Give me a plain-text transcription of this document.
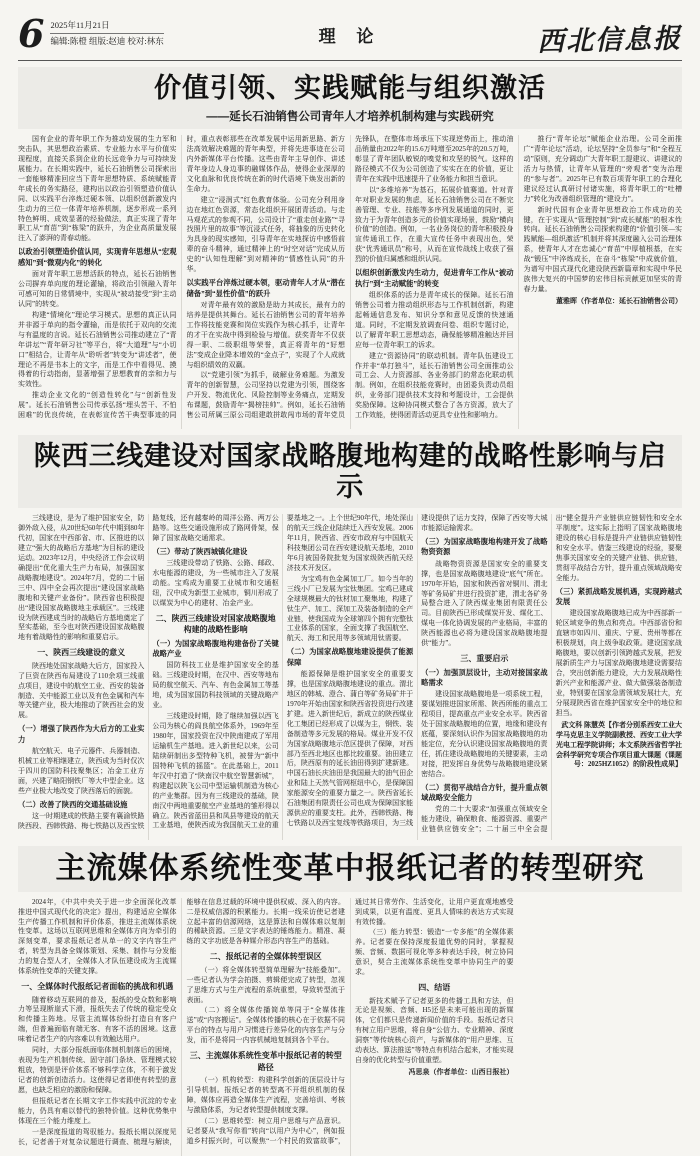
6 2025年11月21日
编辑:陈橙 组版:赵迪 校对:林东	理 论	西北信息报
价值引领、实践赋能与组织激活
——延长石油销售公司青年人才培养机制构建与实践研究

国有企业的青年职工作为推动发展的生力军和突击队，其思想政治素质、专业能力水平与价值实现程度，直接关系到企业的长远竞争力与可持续发展能力。在长期实践中，延长石油销售公司探索出一套能够精准回应当下青年思想特质、系统赋能青年成长的务实路径，建构出以政治引领塑造价值认同、以实践平台淬炼过硬本领、以组织创新激发内生动力的三位一体青年培养机制，逐步形成一系列特色鲜明、成效显著的经验做法，真正实现了青年职工从“育苗”到“栋梁”的跃升，为企业高质量发展注入了澎湃的青春动能。

以政治引领塑造价值认同，实现青年思想从“宏观感知”到“微观内化”的转化

面对青年职工思想活跃的特点，延长石油销售公司摒弃单向度的理论灌输，将政治引领融入青年可感可知的日常情境中，实现从“被动接受”到“主动认同”的转变。

构建“情境化”理论学习模式。思想的真正认同并非源于单向的指令灌输，而是依托于双向的交流与有温度的言说。延长石油销售公司推动建立了“青年讲坛”“青年研习社”等平台，将“大道理”与“小切口”相结合，让青年从“聆听者”转变为“讲述者”，使理论不再是书本上的文字，而是工作中看得见、摸得着的行动指南，显著增强了思想教育的亲和力与实效性。

推动企业文化的“创造性转化”与“创新性发展”。延长石油销售公司传承弘扬“埋头苦干、不怕困难”的优良传统，在表彰宣传苦干典型事迹的同时，重点表彰那些在改革发展中运用新思路、新方法高效解决难题的青年典型，并将先进事迹在公司内外新媒体平台传播。这些由青年主导创作、讲述青年身边人身边事的融媒体作品，使得企业深厚的文化血脉和优良传统在新的时代语境下焕发出新的生命力。

建立“浸润式”红色教育体验。公司充分利用身边在地红色资源，常态化组织开展团青活动。与走马观花式的参观不同，公司设计了“重走创业路”“寻找照片里的故事”等沉浸式任务，将抽象的历史转化为具身的现实感知，引导青年在实地探访中感悟前辈的奋斗精神，通过精神上的“时空对话”完成从历史的“认知性理解”到对精神的“情感性认同”的升华。

以实践平台淬炼过硬本领，驱动青年人才从“潜在储备”到“显性价值”的跃升

对青年最有效的激励是助力其成长，最有力的培养是提供其舞台。延长石油销售公司的青年培养工作将技能竞赛和岗位实践作为核心抓手，让青年的才干在实战中得到检验与增值。获奖青年不仅获得一职、二级职组等荣誉，真正将青年的“好想法”变成企业降本增效的“金点子”，实现了个人成就与组织绩效的双赢。

以“党建引领”为抓手，破解业务难题。为激发青年的创新智慧，公司坚持以党建为引领，围绕客户开发、物流优化、风险控制等业务痛点，定期发布课题，鼓励青年“揭榜挂帅”。例如，延长石油销售公司所属三原公司组建敢拼敢闯市场的青年党员先锋队，在整体市场承压下实现逆势而上，推动油品销量由2022年的15.6万吨增至2025年的20.5万吨，彰显了青年团队敏锐的嗅觉和攻坚的锐气。这样的路径模式不仅为公司创造了实实在在的价值，更让青年在实践中迅速提升了业务能力和担当意识。

以“多维培养”为基石，拓展价值赛道。针对青年对职业发展的焦虑，延长石油销售公司在不断完善管理、专业、技能等多序列发展通道的同时，更致力于为青年创造多元的价值实现场景，鼓励“横向价值”的创造。例如，一名业务岗位的青年积极投身宣传通讯工作，在重大宣传任务中表现出色，荣获“优秀通讯员”称号，从而在宣传战线上收获了强烈的价值归属感和组织认同。

以组织创新激发内生动力，促进青年工作从“被动执行”到“主动赋能”的转变

组织体系的活力是青年成长的保障。延长石油销售公司着力推动组织形态与工作机制创新，构建起畅通信息发布、知识分享和意见反馈的快速通道。同时，不定期发放调查问卷、组织专题讨论，以了解青年职工思想动态，确保能够精准触达并回应每一位青年职工的诉求。

建立“资源协同”的联动机制。青年队伍建设工作并非“单打独斗”，延长石油销售公司全面推动公司工会、人力资源部、各业务部门的常态化联动机制。例如，在组织技能竞赛时，由团委负责动员组织，业务部门提供技术支持和考题设计，工会提供奖励保障。这种协同模式整合了各方资源，放大了工作效能，使得团青活动更具专业性和影响力。

推行“青年论坛”赋能企业治理。公司全面推广“青年论坛”活动，论坛坚持“全员参与”和“全程互动”原则，充分调动广大青年职工提建议、讲建议的活力与热情，让青年从管理的“旁观者”变为治理的“参与者”。2025年已有数百项青年职工的合理化建议经过认真研讨付诸实施，将青年职工的“吐槽力”转化为改善组织管理的“建设力”。

新时代国有企业青年思想政治工作成功的关键，在于实现从“管理控制”到“成长赋能”的根本性转向。延长石油销售公司探索构建的“价值引领—实践赋能—组织激活”机制并将其深度融入公司治理体系，使青年人才在忠诚心“育苗”中厚植根基，在实战“锻压”中淬炼成长，在奋斗“栋梁”中成就价值，为谱写中国式现代化建设陕西新篇章和实现中华民族伟大复兴的中国梦的宏伟目标贡献更加坚实的青春力量。

董雅晖（作者单位：延长石油销售公司）
陕西三线建设对国家战略腹地构建的战略性影响与启示

三线建设，是为了维护国家安全，防御外敌入侵，从20世纪60年代中期到80年代初，国家在中西部省、市、区推进的以建立“强大的战略后方基地”为目标的建设运动。2023年12月，中央经济工作会议明确提出“优化重大生产力布局，加强国家战略腹地建设”。2024年7月，党的二十届三中、四中全会再次提出“建设国家战略腹地和关键产业备份”。陕西省也积极提出“建设国家战略腹地主承载区”。三线建设为陕西建成当时的战略后方基地奠定了坚实基础，至今也对陕西建设国家战略腹地有着战略性的影响和重要启示。

一、陕西三线建设的意义

陕西地处国家战略大后方，国家投入了巨资在陕西布局建设了110余项三线重点项目，建设中的航空工业、西安的装备制造、关中能源工业以及有色金属和汽车等关键产业，极大地推动了陕西社会的发展。

（一）增强了陕西作为大后方的工业实力

航空航天、电子元器件、兵器制造、机械工业等相继建立，陕西成为当时仅次于四川的国防科技聚集区；冶金工业方面，兴建了略阳钢铁厂等大中型企业。这些产业极大地改变了陕西落后的面貌。

（二）改善了陕西的交通基础设施

这一时期建成的铁路主要有襄渝铁路陕西段、西韩铁路、梅七铁路以及西宝铁路复线，还有越秦岭的周洋公路、两万公路等。这些交通设施形成了路网骨架，保障了国家战略交通需求。

（三）带动了陕西城镇化建设

三线建设带动了铁路、公路、邮政、水电能源的建设，为一些城市注入了发展动能。宝鸡成为重要工业城市和交通枢纽，汉中成为新型工业城市，铜川形成了以煤炭为中心的建材、冶金产业。

二、陕西三线建设对国家战略腹地构建的战略性影响
（一）为国家战略腹地构建备份了关键战略产业

国防科技工业是维护国家安全的基础。三线建设时期，在汉中、西安等地布局的航空航天、汽车、有色金属加工等基地，成为国家国防科技领域的关键战略产业。

三线建设时期，除了继续加强以西飞公司为核心的阎良航空体系外，1969年至1980年，国家投资在汉中陕南建成了军用运输机生产基地。进入新世纪以来，公司陆续研制出多型特种飞机，被誉为“新中国特种飞机的摇篮”。在此基础上，2011年汉中打造了“陕南汉中航空智慧新城”，构建起以陕飞公司中型运输机制造为核心的产业集群。因为有三线建设的基础，陕南汉中两地重要航空产业基地的雏形得以确立。陕西省蓝田县和凤县等建设的航天工业基地，使陕西成为我国航天工业的重要基地之一。上个世纪90年代，地处深山的航天三线企业陆续迁入西安发展。2006年11月，陕西省、西安市政府与中国航天科技集团公司在西安建设航天基地，2010年6月被国务院批复为国家级陕西航天经济技术开发区。

为宝鸡有色金属加工厂。如今当年的三线小厂已发展为宝钛集团。宝鸡已建成全球规模最大的钛材加工聚集地，构建了钛生产、加工、深加工及装备制造的全产业链，使我国成为全球第四个拥有完整钛工业体系的国家，全面支撑了我国航空、航天、海工和民用等多领域用钛需要。

（二）为国家战略腹地建设提供了能源保障

能源保障是维护国家安全的重要支撑，也是国家战略腹地建设的重点。渭北地区的韩城、澄合、蒲白等矿务局矿井于1970年开始由国家和陕西省投资进行改建扩建。进入新世纪后，新成立的陕西煤业化工集团已经形成了以煤为主，钢铁、装备制造等多元发展的格局。煤业开发不仅为国家战略腹地示范区提供了保障，对西部乃至西北地区也都比较重要。油田建立后，陕西原有的延长油田得到扩建新建。中国石油长庆油田是我国最大的油气田企业和陆上天然气管网枢纽中心，是保障国家能源安全的重要力量之一。陕西省延长石油集团有限责任公司也成为保障国家能源供应的重要支柱。此外，西韩铁路、梅七铁路以及西宝复线等铁路项目，为三线建设提供了运力支持，保障了西安等大城市能源运输需求。

（三）为国家战略腹地构建开发了战略物资资源

战略物资资源是国家安全的重要支撑，也是国家战略腹地建设“底气”所在。1970年开始，国家和陕西省对铜川、渭北等矿务局矿井进行投资扩建，渭北各矿务局整合进入了陕西煤业集团有限责任公司。目前陕西已形成煤炭开发、煤化工、煤电一体化协调发展的产业格局，丰富的陕西能源也必将为建设国家战略腹地提供“能力”。

三、重要启示
（一）加强顶层设计，主动对接国家战略需求

建设国家战略腹地是一项系统工程，要谋划推进国家所需、陕西所能的重点工程项目，提高重点产业安全水平。陕西省处于国家战略腹地的位置，地缘和建设有底蕴，要深刻认识作为国家战略腹地的功能定位，充分认识建设国家战略腹地的责任，抓住建设战略腹地的关键要素，主动对接，把发挥自身优势与战略腹地建设紧密结合。

（二）贯彻平战结合方针，提升重点领域战略安全能力

党的二十大要求“加强重点领域安全能力建设，确保粮食、能源资源、重要产业链供应链安全”；二十届三中全会提出“健全提升产业链供应链韧性和安全水平制度”。这实际上指明了国家战略腹地建设的核心目标是提升产业链供应链韧性和安全水平。借鉴三线建设的经验，要聚焦事关国家安全的关键产业链、供应链，贯彻平战结合方针，提升重点领域战略安全能力。

（三）紧抓战略发展机遇，实现跨越式发展

建设国家战略腹地已成为中西部新一轮区域竞争的焦点和亮点。中西部省份和直辖市如四川、重庆、宁夏、贵州等都在积极规划，向上级争取政策。建设国家战略腹地，要以创新引领跨越式发展，把发展新质生产力与国家战略腹地建设需要结合，突出创新能力建设，大力发展战略性新兴产业和能源产业、做大做强装备制造业，特别要在国家急需领域发展壮大，充分展现陕西省在维护国家安全中的地位和担当。

武文科 陈慧英【作者分别系西安工业大学马克思主义学院副教授、西安工业大学光电工程学院讲师；本文系陕西省哲学社会科学研究专项合作项目重大课题（课题号：2025HZ1052）的阶段性成果】
主流媒体系统性变革中报纸记者的转型研究

2024年，《中共中央关于进一步全面深化改革 推进中国式现代化的决定》提出，构建适应全媒体生产传播工作机制和评价体系，推进主流媒体系统性变革。这场以互联网思维和全媒体方向为牵引的深刻变革，要求报纸记者从单一的文字内容生产者，转型为具备全媒体策划、采集、制作与分发能力的复合型人才，全媒体人才队伍建设成为主流媒体系统性变革的关键支撑。

一、全媒体时代报纸记者面临的挑战和机遇

随着移动互联网的普及，报纸的受众数和影响力等呈现断崖式下滑，报纸失去了传统的稳定受众和传播主阵地。尽管主流媒体纷纷打造自有客户端，但普遍面临有端无客、有客不活的困境。这意味着记者生产的内容难以有效触达用户。

同时，大部分报纸面临体制机制落后的困境，表现为生产机制传统、固守部门条块、管理模式较粗放，特别是评价体系不够科学立体，不利于激发记者的创新创造活力。这使得记者即使有转型的意愿，也缺乏相应的激励和保障。

但报纸记者在长期文字工作实践中沉淀的专业能力，仍具有难以替代的独特价值。这种优势集中体现在三个能力维度上。

一是深度报道的驾驭能力。报纸长期以深度见长，记者善于对复杂议题进行调查、梳理与解读，能够在信息过载的环境中提供权威、深入的内容。二是权威信源的积累能力。长期一线采访使记者建立起丰富的信源网络，这是算法和自媒体难以复制的稀缺资源。三是文字表达的锤炼能力。精准、凝练的文字功底是各种媒介形态内容生产的基础。

二、报纸记者的全媒体转型误区

（一）将全媒体转型简单理解为“技能叠加”。一些记者认为学会拍摄、剪辑便完成了转型，忽视了思维方式与生产流程的系统重塑，导致转型流于表面。

（二）将全媒体传播简单等同于“全媒体推送”或“内容搬运”。全媒体传播的核心在于依据不同平台的特点与用户习惯进行差异化的内容生产与分发，而不是将同一内容机械地复制到各个平台。

三、主流媒体系统性变革中报纸记者的转型路径

（一）机构转型：构建科学创新的顶层设计与引导机制。报纸记者的转型离不开组织机制的保障，媒体应再造全媒体生产流程，完善培训、考核与激励体系，为记者转型提供制度支撑。

（二）思维转型：树立用户思维与产品意识。记者要从“我写你看”转向“以用户为中心”，例如报道乡村振兴时，可以聚焦“一个村民的致富故事”，通过其日常劳作、生活变化，让用户更直观地感受到成果，以更有温度、更具人情味的表达方式实现有效传播。

（三）能力转型：锻造“一专多能”的全媒体素养。记者要在保持深度报道优势的同时，掌握视频、音频、数据可视化等多种表达手段，树立协同意识，契合主流媒体系统性变革中协同生产的要求。

四、结语

新技术赋予了记者更多的传播工具和方法，但无论是视频、音频、H5还是未来可能出现的新媒体，它们都只是传递新闻价值的手段。报纸记者只有树立用户思维，将自身“公信力、专业精神、深度洞察”等传统核心资产，与新媒体的“用户思维、互动表达、算法推送”等特点有机结合起来，才能实现自身的优化转型与价值重塑。

冯思泉（作者单位：山西日报社）
